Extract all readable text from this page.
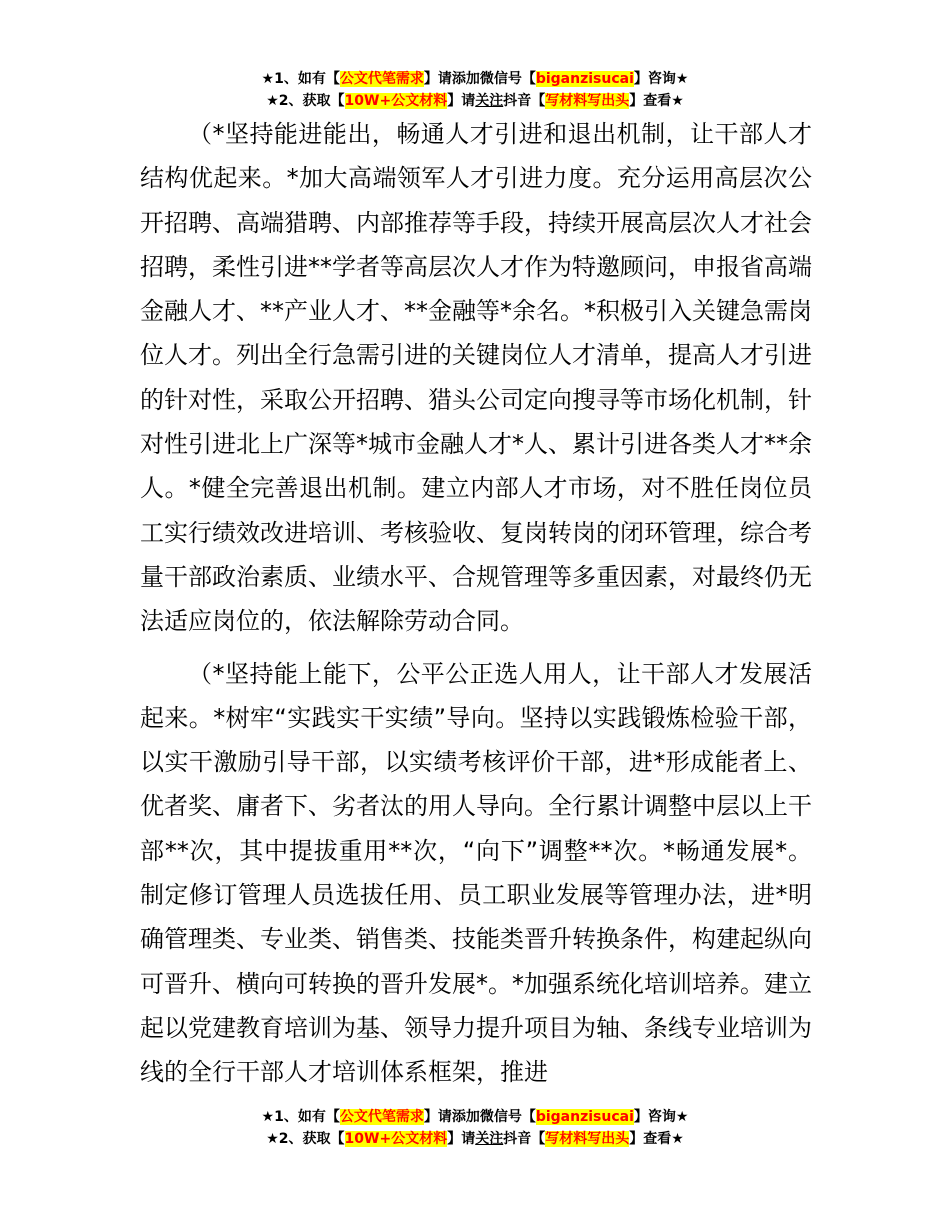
★1、如有【公文代笔需求】请添加微信号【biganzisucai】咨询★
★2、获取【10W+公文材料】请关注抖音【写材料写出头】查看★

（*坚持能进能出，畅通人才引进和退出机制，让干部人才结构优起来。*加大高端领军人才引进力度。充分运用高层次公开招聘、高端猎聘、内部推荐等手段，持续开展高层次人才社会招聘，柔性引进**学者等高层次人才作为特邀顾问，申报省高端金融人才、**产业人才、**金融等*余名。*积极引入关键急需岗位人才。列出全行急需引进的关键岗位人才清单，提高人才引进的针对性，采取公开招聘、猎头公司定向搜寻等市场化机制，针对性引进北上广深等*城市金融人才*人、累计引进各类人才**余人。*健全完善退出机制。建立内部人才市场，对不胜任岗位员工实行绩效改进培训、考核验收、复岗转岗的闭环管理，综合考量干部政治素质、业绩水平、合规管理等多重因素，对最终仍无法适应岗位的，依法解除劳动合同。

（*坚持能上能下，公平公正选人用人，让干部人才发展活起来。*树牢“实践实干实绩”导向。坚持以实践锻炼检验干部，以实干激励引导干部，以实绩考核评价干部，进*形成能者上、优者奖、庸者下、劣者汰的用人导向。全行累计调整中层以上干部**次，其中提拔重用**次，“向下”调整**次。*畅通发展*。制定修订管理人员选拔任用、员工职业发展等管理办法，进*明确管理类、专业类、销售类、技能类晋升转换条件，构建起纵向可晋升、横向可转换的晋升发展*。*加强系统化培训培养。建立起以党建教育培训为基、领导力提升项目为轴、条线专业培训为线的全行干部人才培训体系框架，推进

★1、如有【公文代笔需求】请添加微信号【biganzisucai】咨询★
★2、获取【10W+公文材料】请关注抖音【写材料写出头】查看★
